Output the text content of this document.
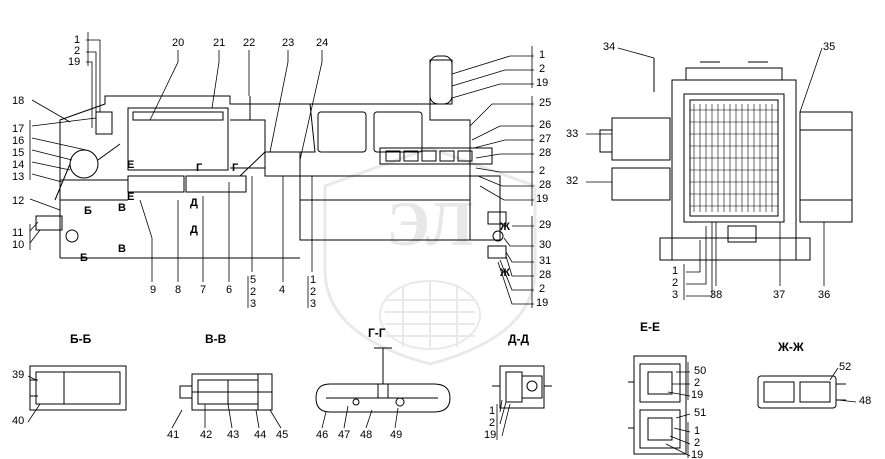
ЭЛ
Б-Б	В-В	Г-Г	Д-Д
Е-Е
Ж-Ж
Е	Г	Г
Е
Б В	Д
Д
В
Б
Ж
Ж
1
2
19
20	21 22 23 24
18
17
16
15
14
13
12
11
10
9 8 7 6
5
2
3
4
1
2
3
1
2
19
25
26
27
28
2
28
19
29
30
31
28
2
19
34	35
33
32
1
2
3	38	37	36
39
40
41 42 43 44 45	46 47 48 49
1
2
19
50
2
19
51
1
2
19
52
48
